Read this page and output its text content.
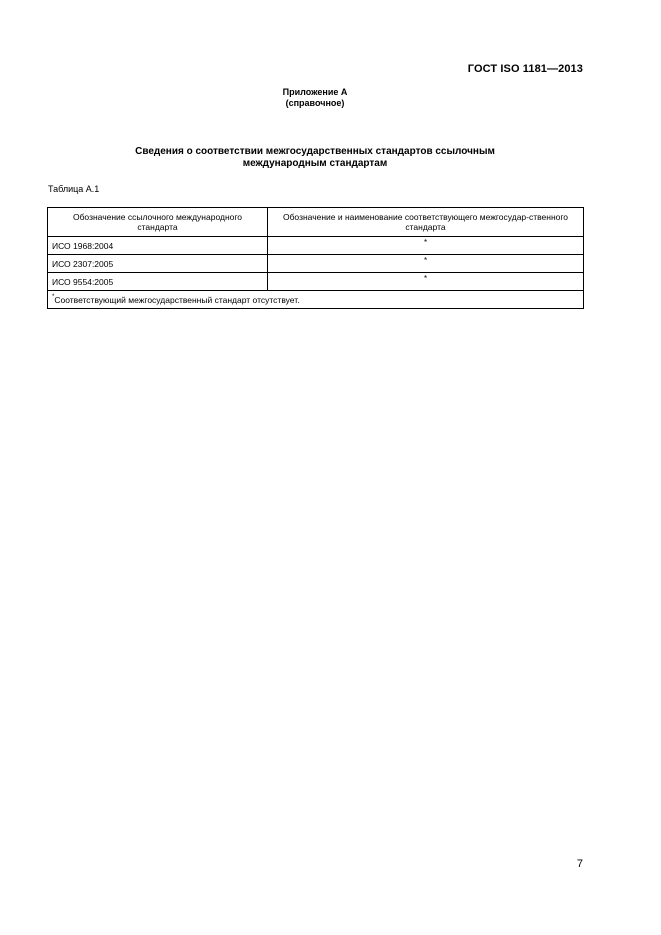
ГОСТ ISO 1181—2013
Приложение А
(справочное)
Сведения о соответствии межгосударственных стандартов ссылочным
международным стандартам
Таблица А.1
Обозначение ссылочного международного стандарта	Обозначение и наименование соответствующего межгосудар-ственного стандарта
ИСО 1968:2004	*
ИСО 2307:2005	*
ИСО 9554:2005	*
*Соответствующий межгосударственный стандарт отсутствует.	
7
